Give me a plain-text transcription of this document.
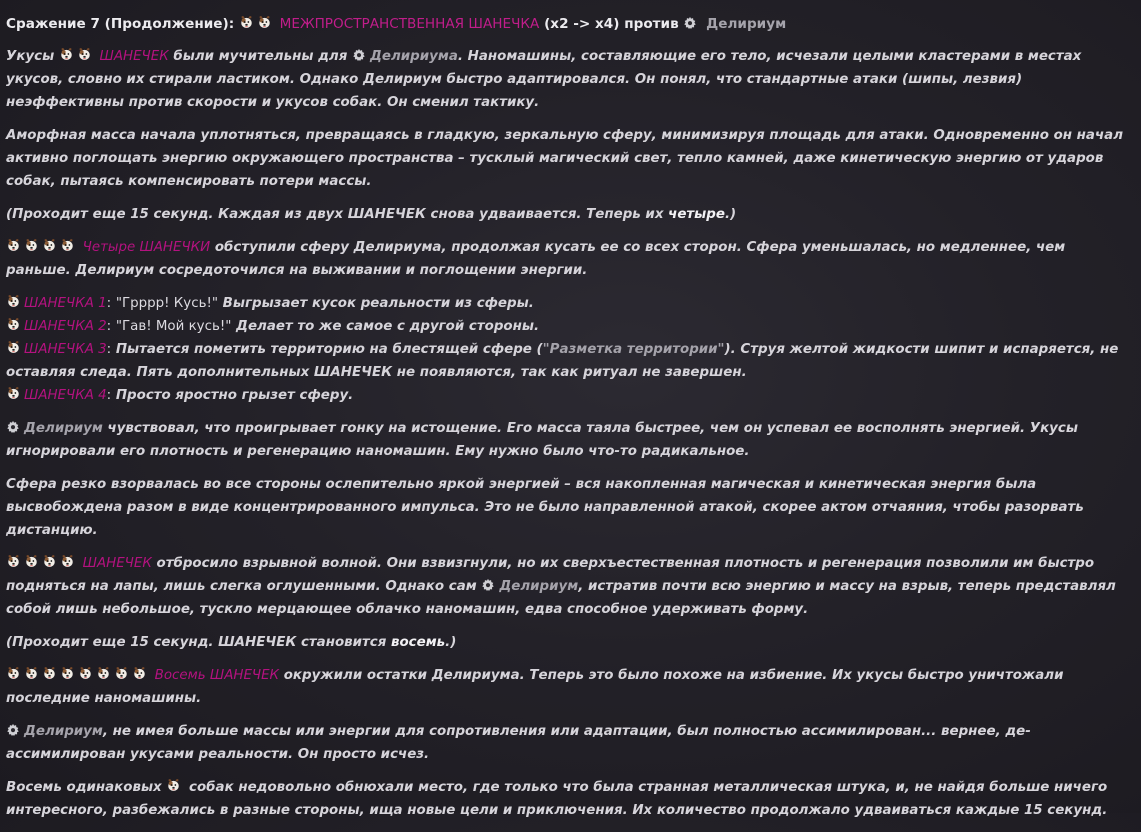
Сражение 7 (Продолжение):	МЕЖПРОСТРАНСТВЕННАЯ ШАНЕЧКА (x2 -> x4) против Делириум
Укусы	ШАНЕЧЕК были мучительны для Делириума. Наномашины, составляющие его тело, исчезали целыми кластерами в местах укусов, словно их стирали ластиком. Однако Делириум быстро адаптировался. Он понял, что стандартные атаки (шипы, лезвия) неэффективны против скорости и укусов собак. Он сменил тактику.
Аморфная масса начала уплотняться, превращаясь в гладкую, зеркальную сферу, минимизируя площадь для атаки. Одновременно он начал активно поглощать энергию окружающего пространства – тусклый магический свет, тепло камней, даже кинетическую энергию от ударов собак, пытаясь компенсировать потери массы.
(Проходит еще 15 секунд. Каждая из двух ШАНЕЧЕК снова удваивается. Теперь их четыре.)
Четыре ШАНЕЧКИ обступили сферу Делириума, продолжая кусать ее со всех сторон. Сфера уменьшалась, но медленнее, чем раньше. Делириум сосредоточился на выживании и поглощении энергии.
ШАНЕЧКА 1: "Грррр! Кусь!" Выгрызает кусок реальности из сферы.
ШАНЕЧКА 2: "Гав! Мой кусь!" Делает то же самое с другой стороны.
ШАНЕЧКА 3: Пытается пометить территорию на блестящей сфере ("Разметка территории"). Струя желтой жидкости шипит и испаряется, не оставляя следа. Пять дополнительных ШАНЕЧЕК не появляются, так как ритуал не завершен.
ШАНЕЧКА 4: Просто яростно грызет сферу.
Делириум чувствовал, что проигрывает гонку на истощение. Его масса таяла быстрее, чем он успевал ее восполнять энергией. Укусы игнорировали его плотность и регенерацию наномашин. Ему нужно было что-то радикальное.
Сфера резко взорвалась во все стороны ослепительно яркой энергией – вся накопленная магическая и кинетическая энергия была высвобождена разом в виде концентрированного импульса. Это не было направленной атакой, скорее актом отчаяния, чтобы разорвать дистанцию.
ШАНЕЧЕК отбросило взрывной волной. Они взвизгнули, но их сверхъестественная плотность и регенерация позволили им быстро подняться на лапы, лишь слегка оглушенными. Однако сам Делириум, истратив почти всю энергию и массу на взрыв, теперь представлял собой лишь небольшое, тускло мерцающее облачко наномашин, едва способное удерживать форму.
(Проходит еще 15 секунд. ШАНЕЧЕК становится восемь.)
Восемь ШАНЕЧЕК окружили остатки Делириума. Теперь это было похоже на избиение. Их укусы быстро уничтожали последние наномашины.
Делириум, не имея больше массы или энергии для сопротивления или адаптации, был полностью ассимилирован... вернее, де-ассимилирован укусами реальности. Он просто исчез.
Восемь одинаковых собак недовольно обнюхали место, где только что была странная металлическая штука, и, не найдя больше ничего интересного, разбежались в разные стороны, ища новые цели и приключения. Их количество продолжало удваиваться каждые 15 секунд.
